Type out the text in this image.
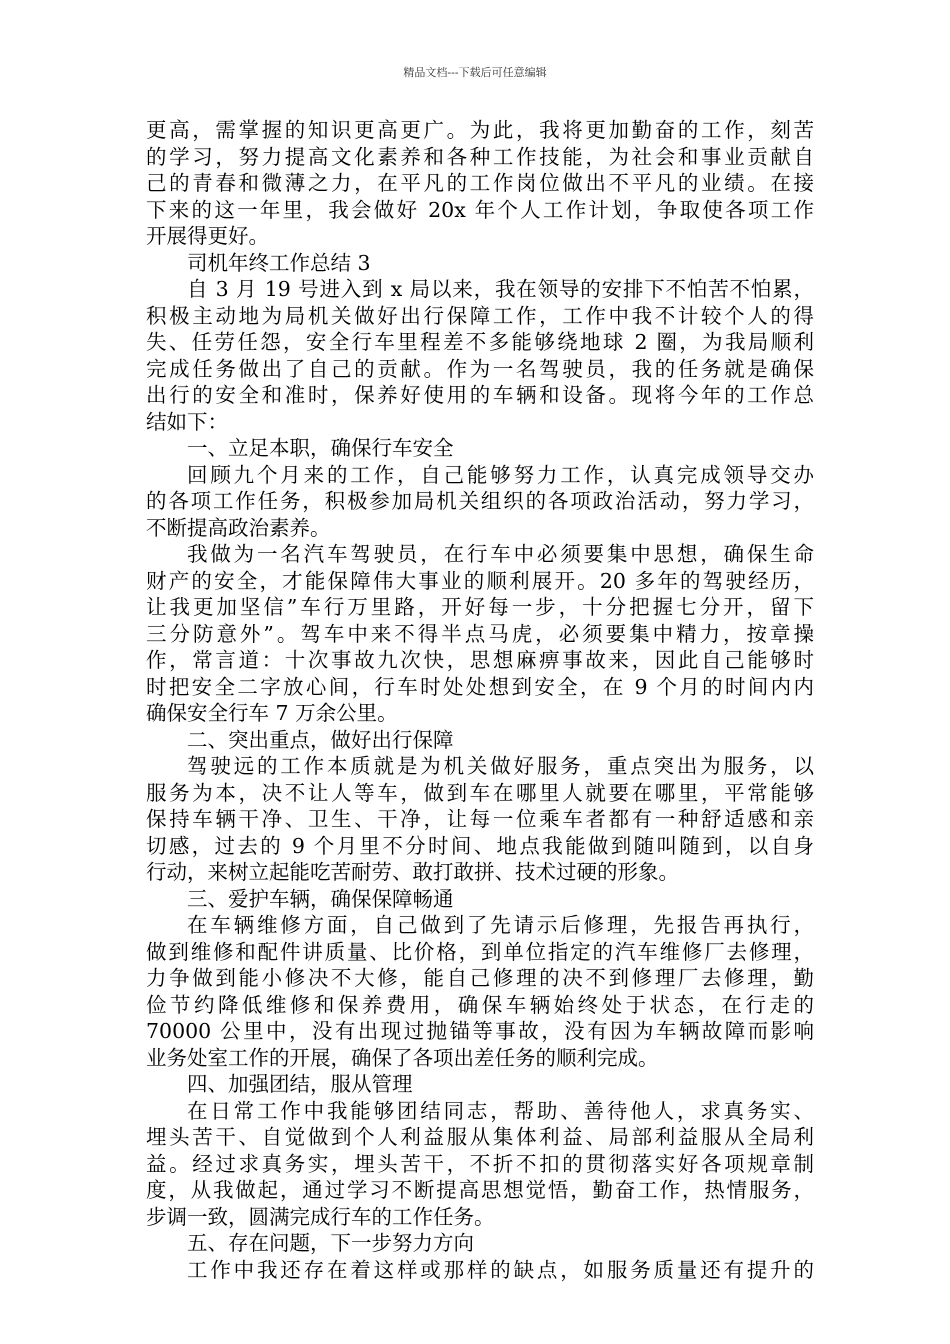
精品文档---下载后可任意编辑
更高，需掌握的知识更高更广。为此，我将更加勤奋的工作，刻苦
的学习，努力提高文化素养和各种工作技能，为社会和事业贡献自
己的青春和微薄之力，在平凡的工作岗位做出不平凡的业绩。在接
下来的这一年里，我会做好 20x 年个人工作计划，争取使各项工作
开展得更好。
司机年终工作总结 3
自 3 月 19 号进入到 x 局以来，我在领导的安排下不怕苦不怕累，
积极主动地为局机关做好出行保障工作，工作中我不计较个人的得
失、任劳任怨，安全行车里程差不多能够绕地球 2 圈，为我局顺利
完成任务做出了自己的贡献。作为一名驾驶员，我的任务就是确保
出行的安全和准时，保养好使用的车辆和设备。现将今年的工作总
结如下：
一、立足本职，确保行车安全
回顾九个月来的工作，自己能够努力工作，认真完成领导交办
的各项工作任务，积极参加局机关组织的各项政治活动，努力学习，
不断提高政治素养。
我做为一名汽车驾驶员，在行车中必须要集中思想，确保生命
财产的安全，才能保障伟大事业的顺利展开。20 多年的驾驶经历，
让我更加坚信”车行万里路，开好每一步，十分把握七分开，留下
三分防意外”。驾车中来不得半点马虎，必须要集中精力，按章操
作，常言道：十次事故九次快，思想麻痹事故来，因此自己能够时
时把安全二字放心间，行车时处处想到安全，在 9 个月的时间内内
确保安全行车 7 万余公里。
二、突出重点，做好出行保障
驾驶远的工作本质就是为机关做好服务，重点突出为服务，以
服务为本，决不让人等车，做到车在哪里人就要在哪里，平常能够
保持车辆干净、卫生、干净，让每一位乘车者都有一种舒适感和亲
切感，过去的 9 个月里不分时间、地点我能做到随叫随到，以自身
行动，来树立起能吃苦耐劳、敢打敢拼、技术过硬的形象。
三、爱护车辆，确保保障畅通
在车辆维修方面，自己做到了先请示后修理，先报告再执行，
做到维修和配件讲质量、比价格，到单位指定的汽车维修厂去修理，
力争做到能小修决不大修，能自己修理的决不到修理厂去修理，勤
俭节约降低维修和保养费用，确保车辆始终处于状态，在行走的
70000 公里中，没有出现过抛锚等事故，没有因为车辆故障而影响
业务处室工作的开展，确保了各项出差任务的顺利完成。
四、加强团结，服从管理
在日常工作中我能够团结同志，帮助、善待他人，求真务实、
埋头苦干、自觉做到个人利益服从集体利益、局部利益服从全局利
益。经过求真务实，埋头苦干，不折不扣的贯彻落实好各项规章制
度，从我做起，通过学习不断提高思想觉悟，勤奋工作，热情服务，
步调一致，圆满完成行车的工作任务。
五、存在问题，下一步努力方向
工作中我还存在着这样或那样的缺点，如服务质量还有提升的
